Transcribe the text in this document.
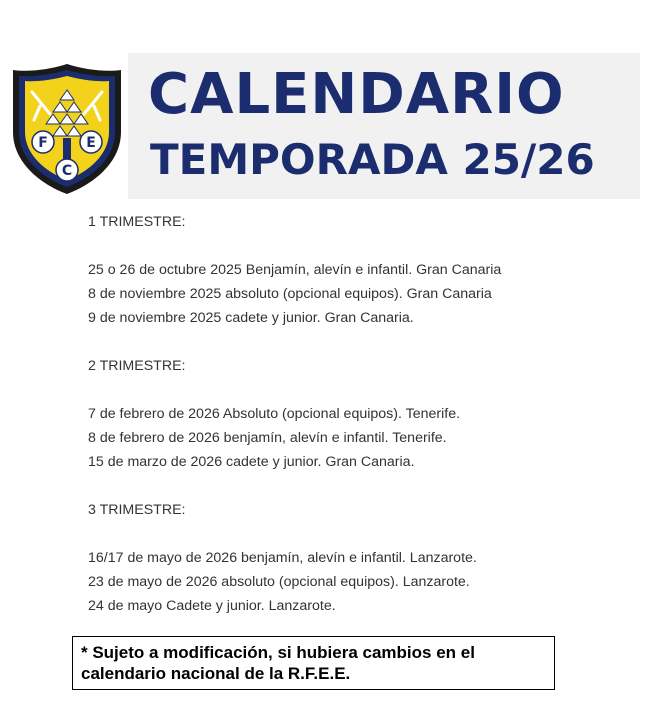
F	E
C
CALENDARIO
TEMPORADA 25/26
1 TRIMESTRE:
25 o 26 de octubre 2025 Benjamín, alevín e infantil. Gran Canaria
8 de noviembre 2025 absoluto (opcional equipos). Gran Canaria
9 de noviembre 2025 cadete y junior. Gran Canaria.
2 TRIMESTRE:
7 de febrero de 2026 Absoluto (opcional equipos). Tenerife.
8 de febrero de 2026 benjamín, alevín e infantil. Tenerife.
15 de marzo de 2026 cadete y junior. Gran Canaria.
3 TRIMESTRE:
16/17 de mayo de 2026 benjamín, alevín e infantil. Lanzarote.
23 de mayo de 2026 absoluto (opcional equipos). Lanzarote.
24 de mayo Cadete y junior. Lanzarote.
* Sujeto a modificación, si hubiera cambios en el calendario nacional de la R.F.E.E.
